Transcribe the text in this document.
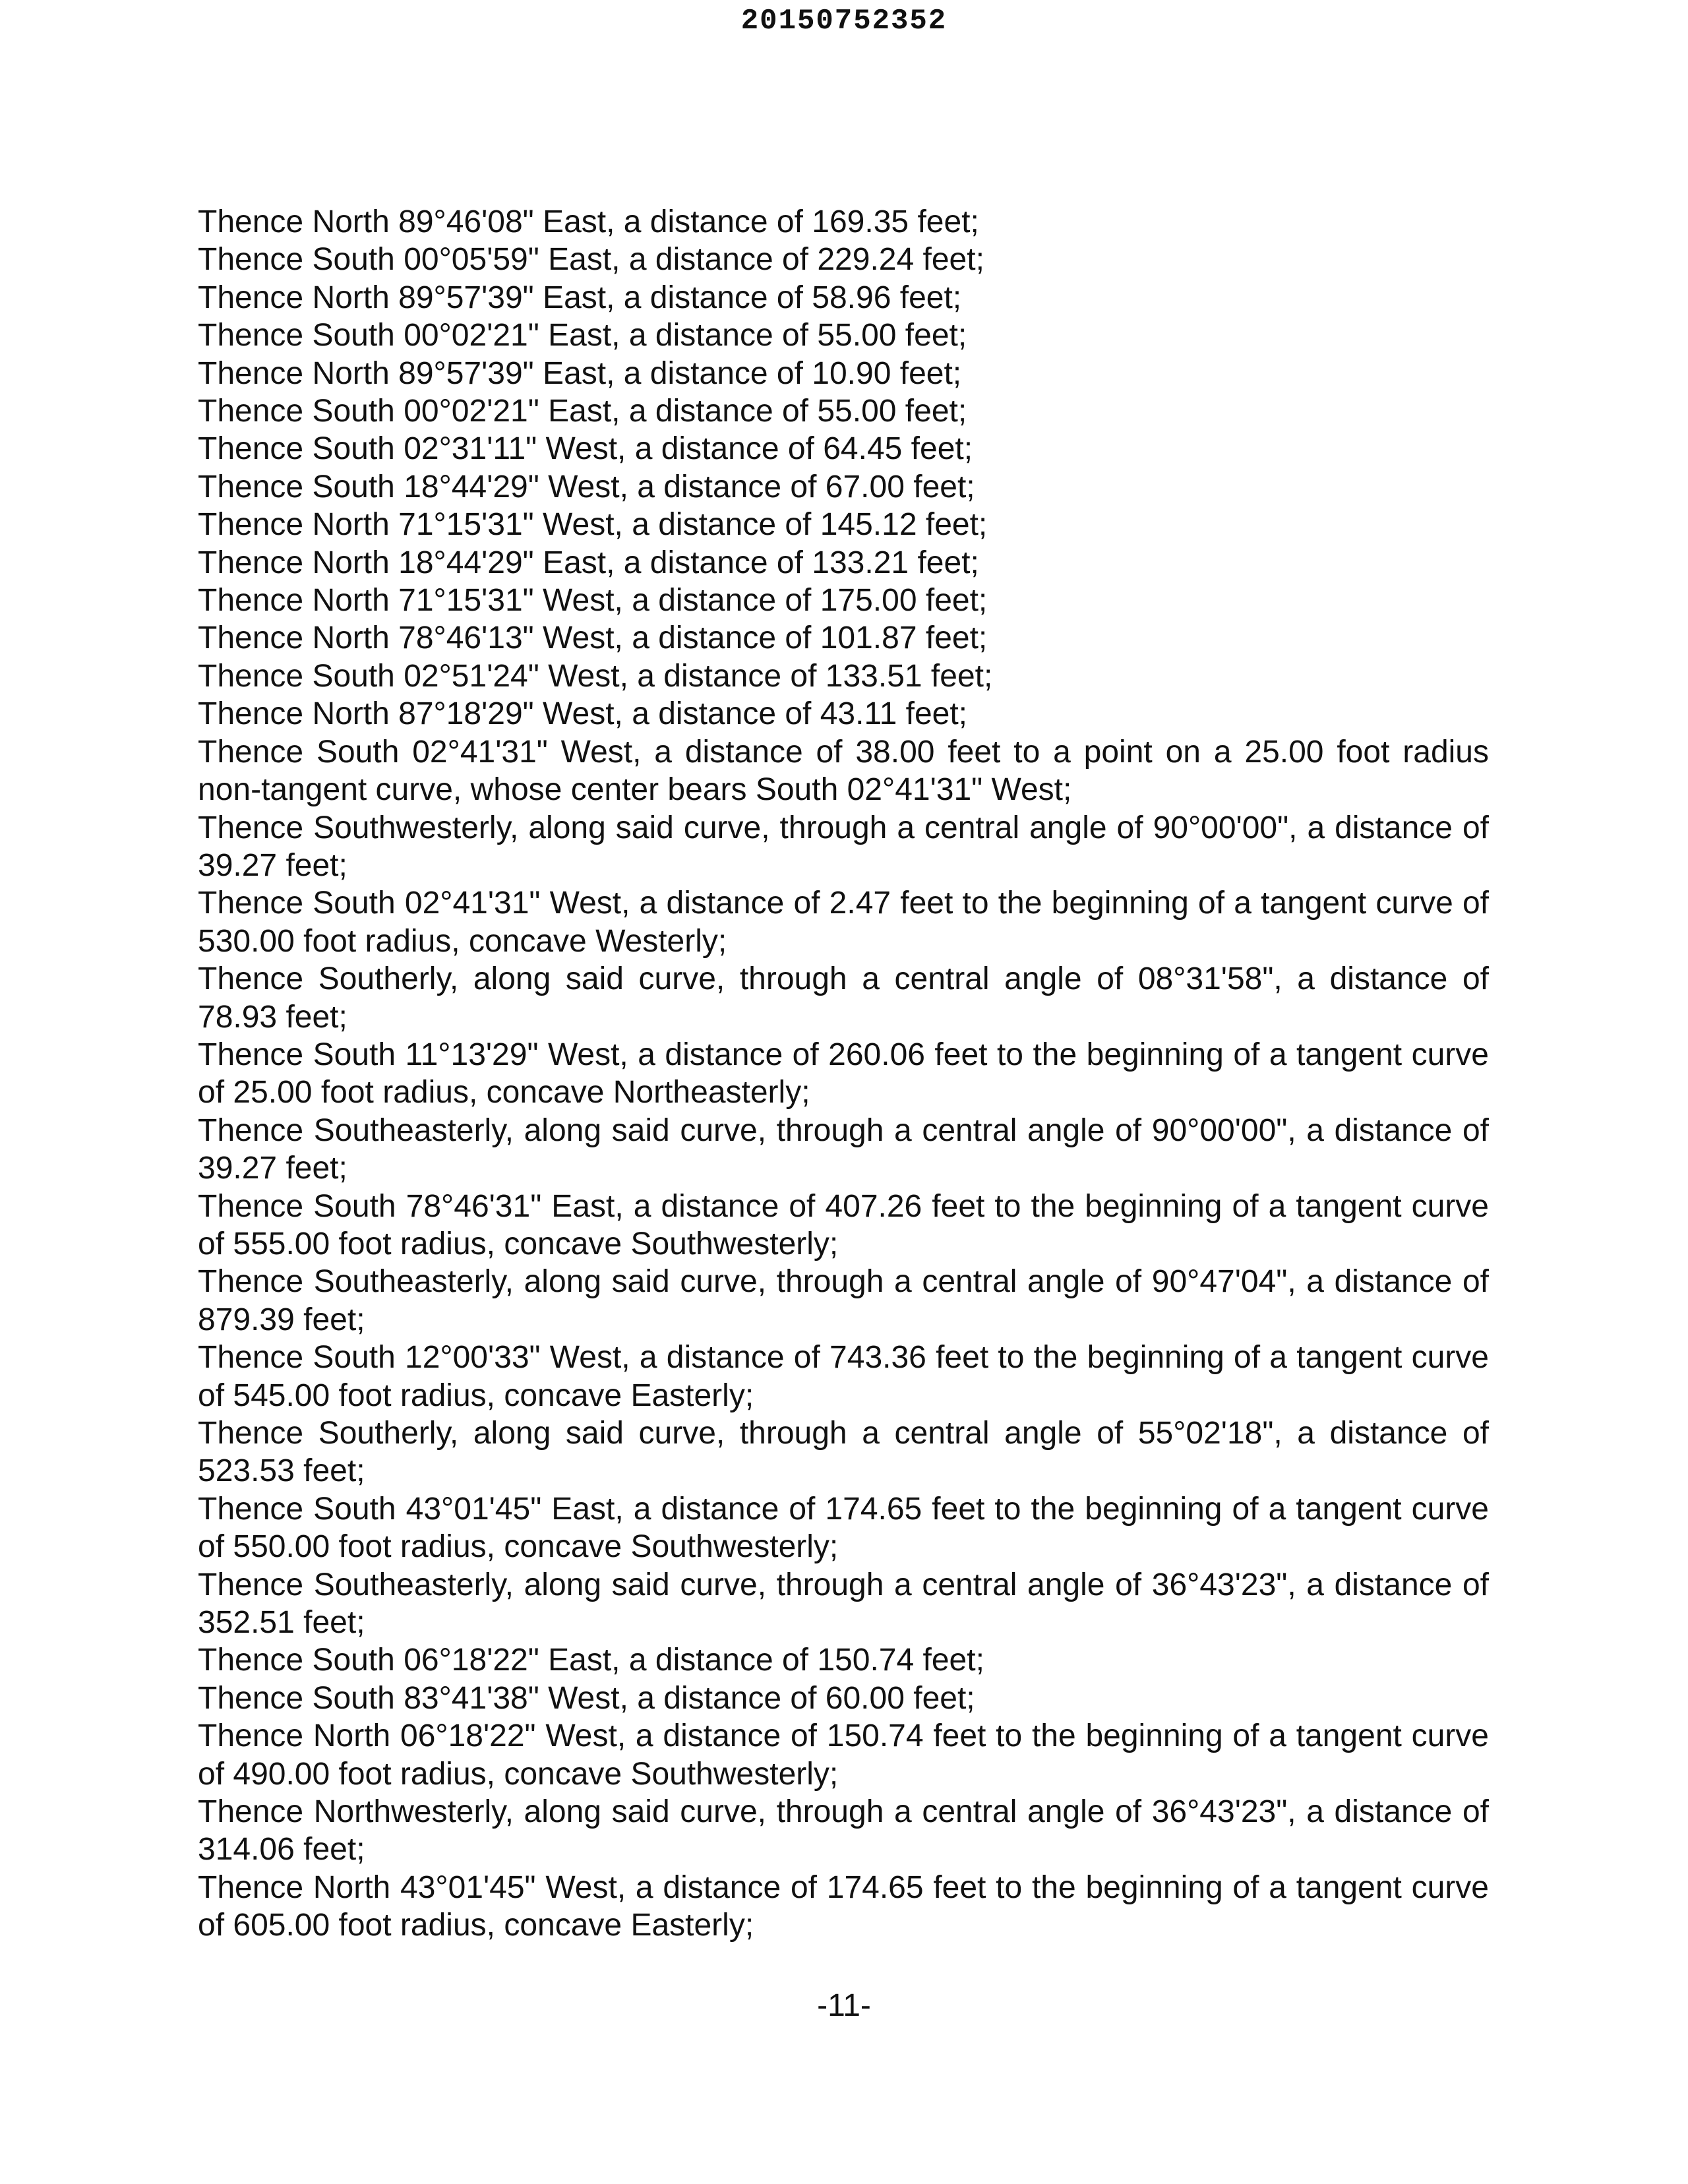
20150752352

Thence North 89°46'08" East, a distance of 169.35 feet;

Thence South 00°05'59" East, a distance of 229.24 feet;

Thence North 89°57'39" East, a distance of 58.96 feet;

Thence South 00°02'21" East, a distance of 55.00 feet;

Thence North 89°57'39" East, a distance of 10.90 feet;

Thence South 00°02'21" East, a distance of 55.00 feet;

Thence South 02°31'11" West, a distance of 64.45 feet;

Thence South 18°44'29" West, a distance of 67.00 feet;

Thence North 71°15'31" West, a distance of 145.12 feet;

Thence North 18°44'29" East, a distance of 133.21 feet;

Thence North 71°15'31" West, a distance of 175.00 feet;

Thence North 78°46'13" West, a distance of 101.87 feet;

Thence South 02°51'24" West, a distance of 133.51 feet;

Thence North 87°18'29" West, a distance of 43.11 feet;

Thence South 02°41'31" West, a distance of 38.00 feet to a point on a 25.00 foot radius non-tangent curve, whose center bears South 02°41'31" West;

Thence Southwesterly, along said curve, through a central angle of 90°00'00", a distance of 39.27 feet;

Thence South 02°41'31" West, a distance of 2.47 feet to the beginning of a tangent curve of 530.00 foot radius, concave Westerly;

Thence Southerly, along said curve, through a central angle of 08°31'58", a distance of 78.93 feet;

Thence South 11°13'29" West, a distance of 260.06 feet to the beginning of a tangent curve of 25.00 foot radius, concave Northeasterly;

Thence Southeasterly, along said curve, through a central angle of 90°00'00", a distance of 39.27 feet;

Thence South 78°46'31" East, a distance of 407.26 feet to the beginning of a tangent curve of 555.00 foot radius, concave Southwesterly;

Thence Southeasterly, along said curve, through a central angle of 90°47'04", a distance of 879.39 feet;

Thence South 12°00'33" West, a distance of 743.36 feet to the beginning of a tangent curve of 545.00 foot radius, concave Easterly;

Thence Southerly, along said curve, through a central angle of 55°02'18", a distance of 523.53 feet;

Thence South 43°01'45" East, a distance of 174.65 feet to the beginning of a tangent curve of 550.00 foot radius, concave Southwesterly;

Thence Southeasterly, along said curve, through a central angle of 36°43'23", a distance of 352.51 feet;

Thence South 06°18'22" East, a distance of 150.74 feet;

Thence South 83°41'38" West, a distance of 60.00 feet;

Thence North 06°18'22" West, a distance of 150.74 feet to the beginning of a tangent curve of 490.00 foot radius, concave Southwesterly;

Thence Northwesterly, along said curve, through a central angle of 36°43'23", a distance of 314.06 feet;

Thence North 43°01'45" West, a distance of 174.65 feet to the beginning of a tangent curve of 605.00 foot radius, concave Easterly;

-11-
